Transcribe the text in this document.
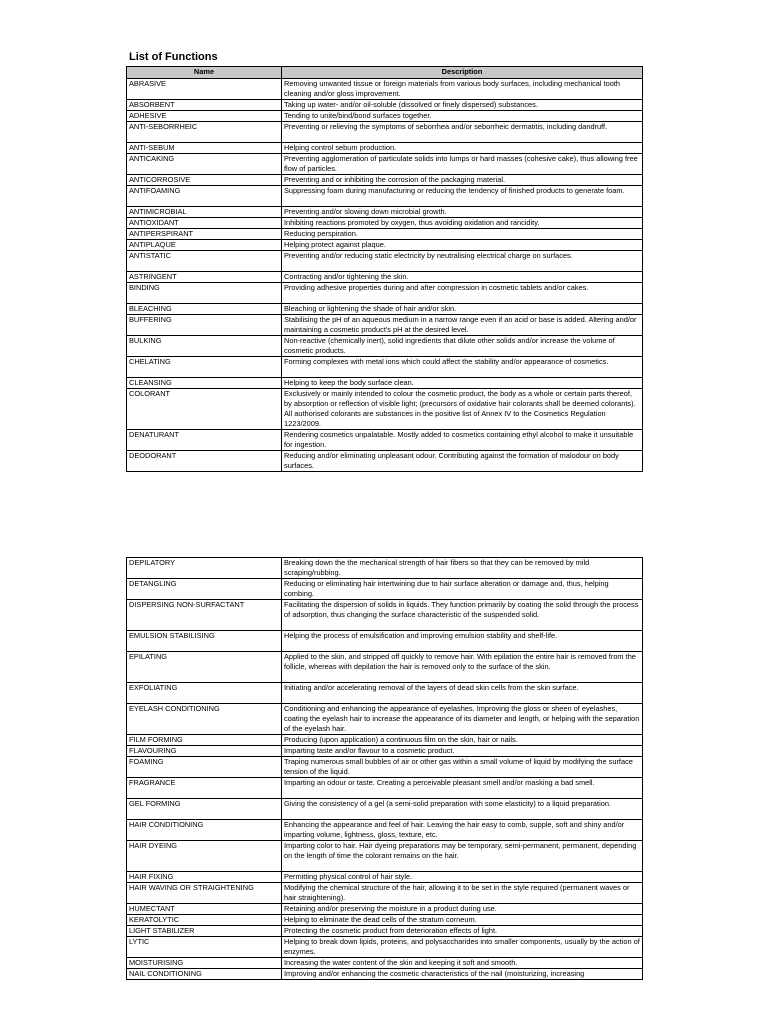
List of Functions
Name	Description
ABRASIVE	Removing unwanted tissue or foreign materials from various body surfaces, including mechanical tooth cleaning and/or gloss improvement.
ABSORBENT	Taking up water- and/or oil-soluble (dissolved or finely dispersed) substances.
ADHESIVE	Tending to unite/bind/bond surfaces together.
ANTI-SEBORRHEIC	Preventing or relieving the symptoms of seborrhea and/or seborrheic dermatitis, including dandruff.
ANTI-SEBUM	Helping control sebum production.
ANTICAKING	Preventing agglomeration of particulate solids into lumps or hard masses (cohesive cake), thus allowing free flow of particles.
ANTICORROSIVE	Preventing and or inhibiting the corrosion of the packaging material.
ANTIFOAMING	Suppressing foam during manufacturing or reducing the tendency of finished products to generate foam.
ANTIMICROBIAL	Preventing and/or slowing down microbial growth.
ANTIOXIDANT	Inhibiting reactions promoted by oxygen, thus avoiding oxidation and rancidity.
ANTIPERSPIRANT	Reducing perspiration.
ANTIPLAQUE	Helping protect against plaque.
ANTISTATIC	Preventing and/or reducing static electricity by neutralising electrical charge on surfaces.
ASTRINGENT	Contracting and/or tightening the skin.
BINDING	Providing adhesive properties during and after compression in cosmetic tablets and/or cakes.
BLEACHING	Bleaching or lightening the shade of hair and/or skin.
BUFFERING	Stabilising the pH of an aqueous medium in a narrow range even if an acid or base is added. Altering and/or maintaining a cosmetic product's pH at the desired level.
BULKING	Non-reactive (chemically inert), solid ingredients that dilute other solids and/or increase the volume of cosmetic products.
CHELATING	Forming complexes with metal ions which could affect the stability and/or appearance of cosmetics.
CLEANSING	Helping to keep the body surface clean.
COLORANT	Exclusively or mainly intended to colour the cosmetic product, the body as a whole or certain parts thereof, by absorption or reflection of visible light; (precursors of oxidative hair colorants shall be deemed colorants). All authorised colorants are substances in the positive list of Annex IV to the Cosmetics Regulation 1223/2009.
DENATURANT	Rendering cosmetics unpalatable. Mostly added to cosmetics containing ethyl alcohol to make it unsuitable for ingestion.
DEODORANT	Reducing and/or eliminating unpleasant odour. Contributing against the formation of malodour on body surfaces.
DEPILATORY	Breaking down the the mechanical strength of hair fibers so that they can be removed by mild scraping/rubbing.
DETANGLING	Reducing or eliminating hair intertwining due to hair surface alteration or damage and, thus, helping combing.
DISPERSING NON-SURFACTANT	Facilitating the dispersion of solids in liquids. They function primarily by coating the solid through the process of adsorption, thus changing the surface characteristic of the suspended solid.
EMULSION STABILISING	Helping the process of emulsification and improving emulsion stability and shelf-life.
EPILATING	Applied to the skin, and stripped off quickly to remove hair. With epilation the entire hair is removed from the follicle, whereas with depilation the hair is removed only to the surface of the skin.
EXFOLIATING	Initiating and/or accelerating removal of the layers of dead skin cells from the skin surface.
EYELASH CONDITIONING	Conditioning and enhancing the appearance of eyelashes. Improving the gloss or sheen of eyelashes, coating the eyelash hair to increase the appearance of its diameter and length, or helping with the separation of the eyelash hair.
FILM FORMING	Producing (upon application) a continuous film on the skin, hair or nails.
FLAVOURING	Imparting taste and/or flavour to a cosmetic product.
FOAMING	Traping numerous small bubbles of air or other gas within a small volume of liquid by modifying the surface tension of the liquid.
FRAGRANCE	Imparting an odour or taste. Creating a perceivable pleasant smell and/or masking a bad smell.
GEL FORMING	Giving the consistency of a gel (a semi-solid preparation with some elasticity) to a liquid preparation.
HAIR CONDITIONING	Enhancing the appearance and feel of hair. Leaving the hair easy to comb, supple, soft and shiny and/or imparting volume, lightness, gloss, texture, etc.
HAIR DYEING	Imparting color to hair. Hair dyeing preparations may be temporary, semi-permanent, permanent, depending on the length of time the colorant remains on the hair.
HAIR FIXING	Permitting physical control of hair style.
HAIR WAVING OR STRAIGHTENING	Modifying the chemical structure of the hair, allowing it to be set in the style required (permanent waves or hair straightening).
HUMECTANT	Retaining and/or preserving the moisture in a product during use.
KERATOLYTIC	Helping to eliminate the dead cells of the stratum corneum.
LIGHT STABILIZER	Protecting the cosmetic product from deterioration effects of light.
LYTIC	Helping to break down lipids, proteins, and polysaccharides into smaller components, usually by the action of enzymes.
MOISTURISING	Increasing the water content of the skin and keeping it soft and smooth.
NAIL CONDITIONING	Improving and/or enhancing the cosmetic characteristics of the nail (moisturizing, increasing
